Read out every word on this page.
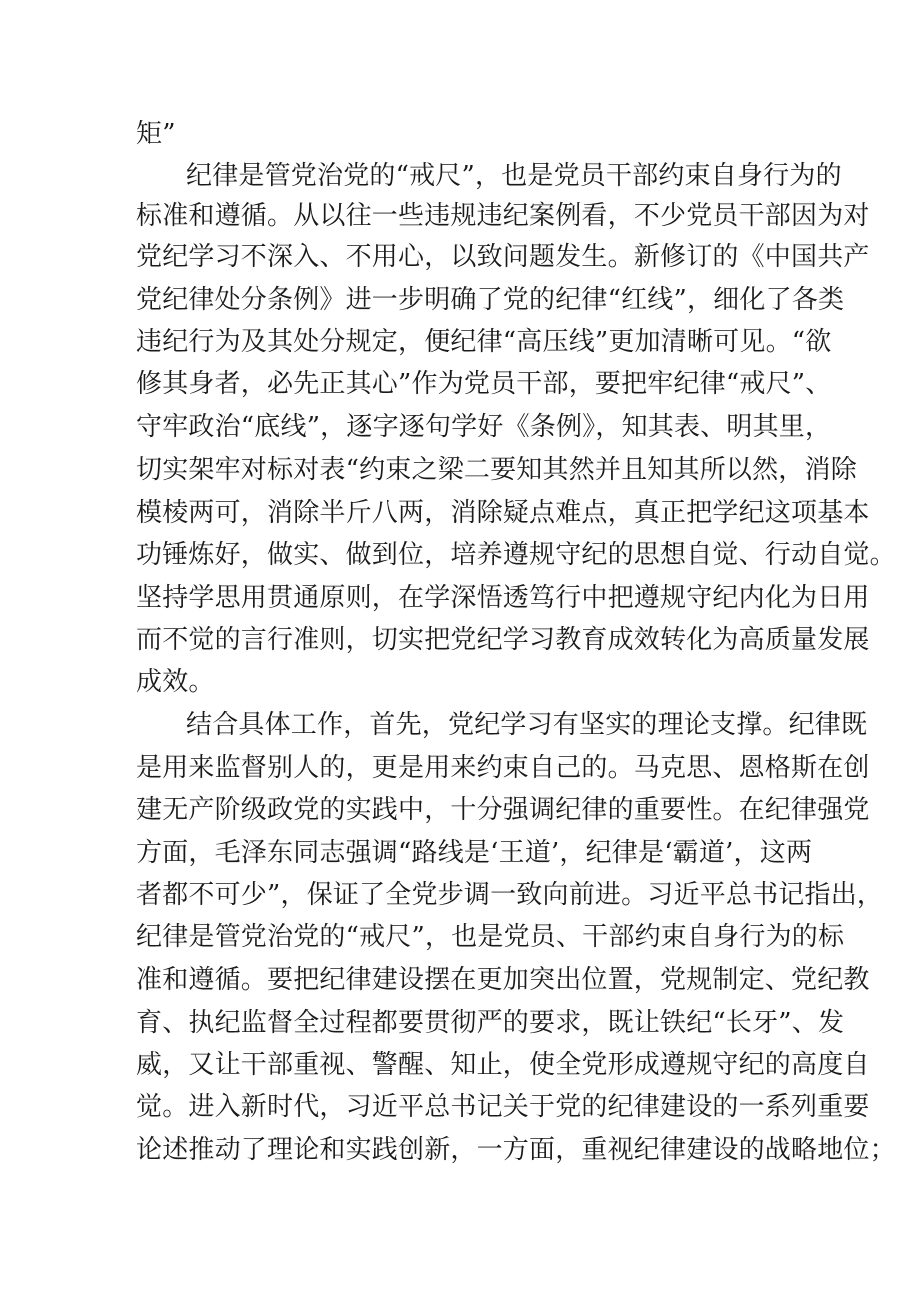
矩”
纪律是管党治党的“戒尺”，也是党员干部约束自身行为的
标准和遵循。从以往一些违规违纪案例看，不少党员干部因为对
党纪学习不深入、不用心，以致问题发生。新修订的《中国共产
党纪律处分条例》进一步明确了党的纪律“红线”，细化了各类
违纪行为及其处分规定，便纪律“高压线”更加清晰可见。“欲
修其身者，必先正其心”作为党员干部，要把牢纪律“戒尺”、
守牢政治“底线”，逐字逐句学好《条例》，知其表、明其里，
切实架牢对标对表“约束之梁二要知其然并且知其所以然，消除
模棱两可，消除半斤八两，消除疑点难点，真正把学纪这项基本
功锤炼好，做实、做到位，培养遵规守纪的思想自觉、行动自觉。
坚持学思用贯通原则，在学深悟透笃行中把遵规守纪内化为日用
而不觉的言行准则，切实把党纪学习教育成效转化为高质量发展
成效。
结合具体工作，首先，党纪学习有坚实的理论支撑。纪律既
是用来监督别人的，更是用来约束自己的。马克思、恩格斯在创
建无产阶级政党的实践中，十分强调纪律的重要性。在纪律强党
方面，毛泽东同志强调“路线是‘王道’，纪律是‘霸道’，这两
者都不可少”，保证了全党步调一致向前进。习近平总书记指出，
纪律是管党治党的“戒尺”，也是党员、干部约束自身行为的标
准和遵循。要把纪律建设摆在更加突出位置，党规制定、党纪教
育、执纪监督全过程都要贯彻严的要求，既让铁纪“长牙”、发
威，又让干部重视、警醒、知止，使全党形成遵规守纪的高度自
觉。进入新时代，习近平总书记关于党的纪律建设的一系列重要
论述推动了理论和实践创新，一方面，重视纪律建设的战略地位；
